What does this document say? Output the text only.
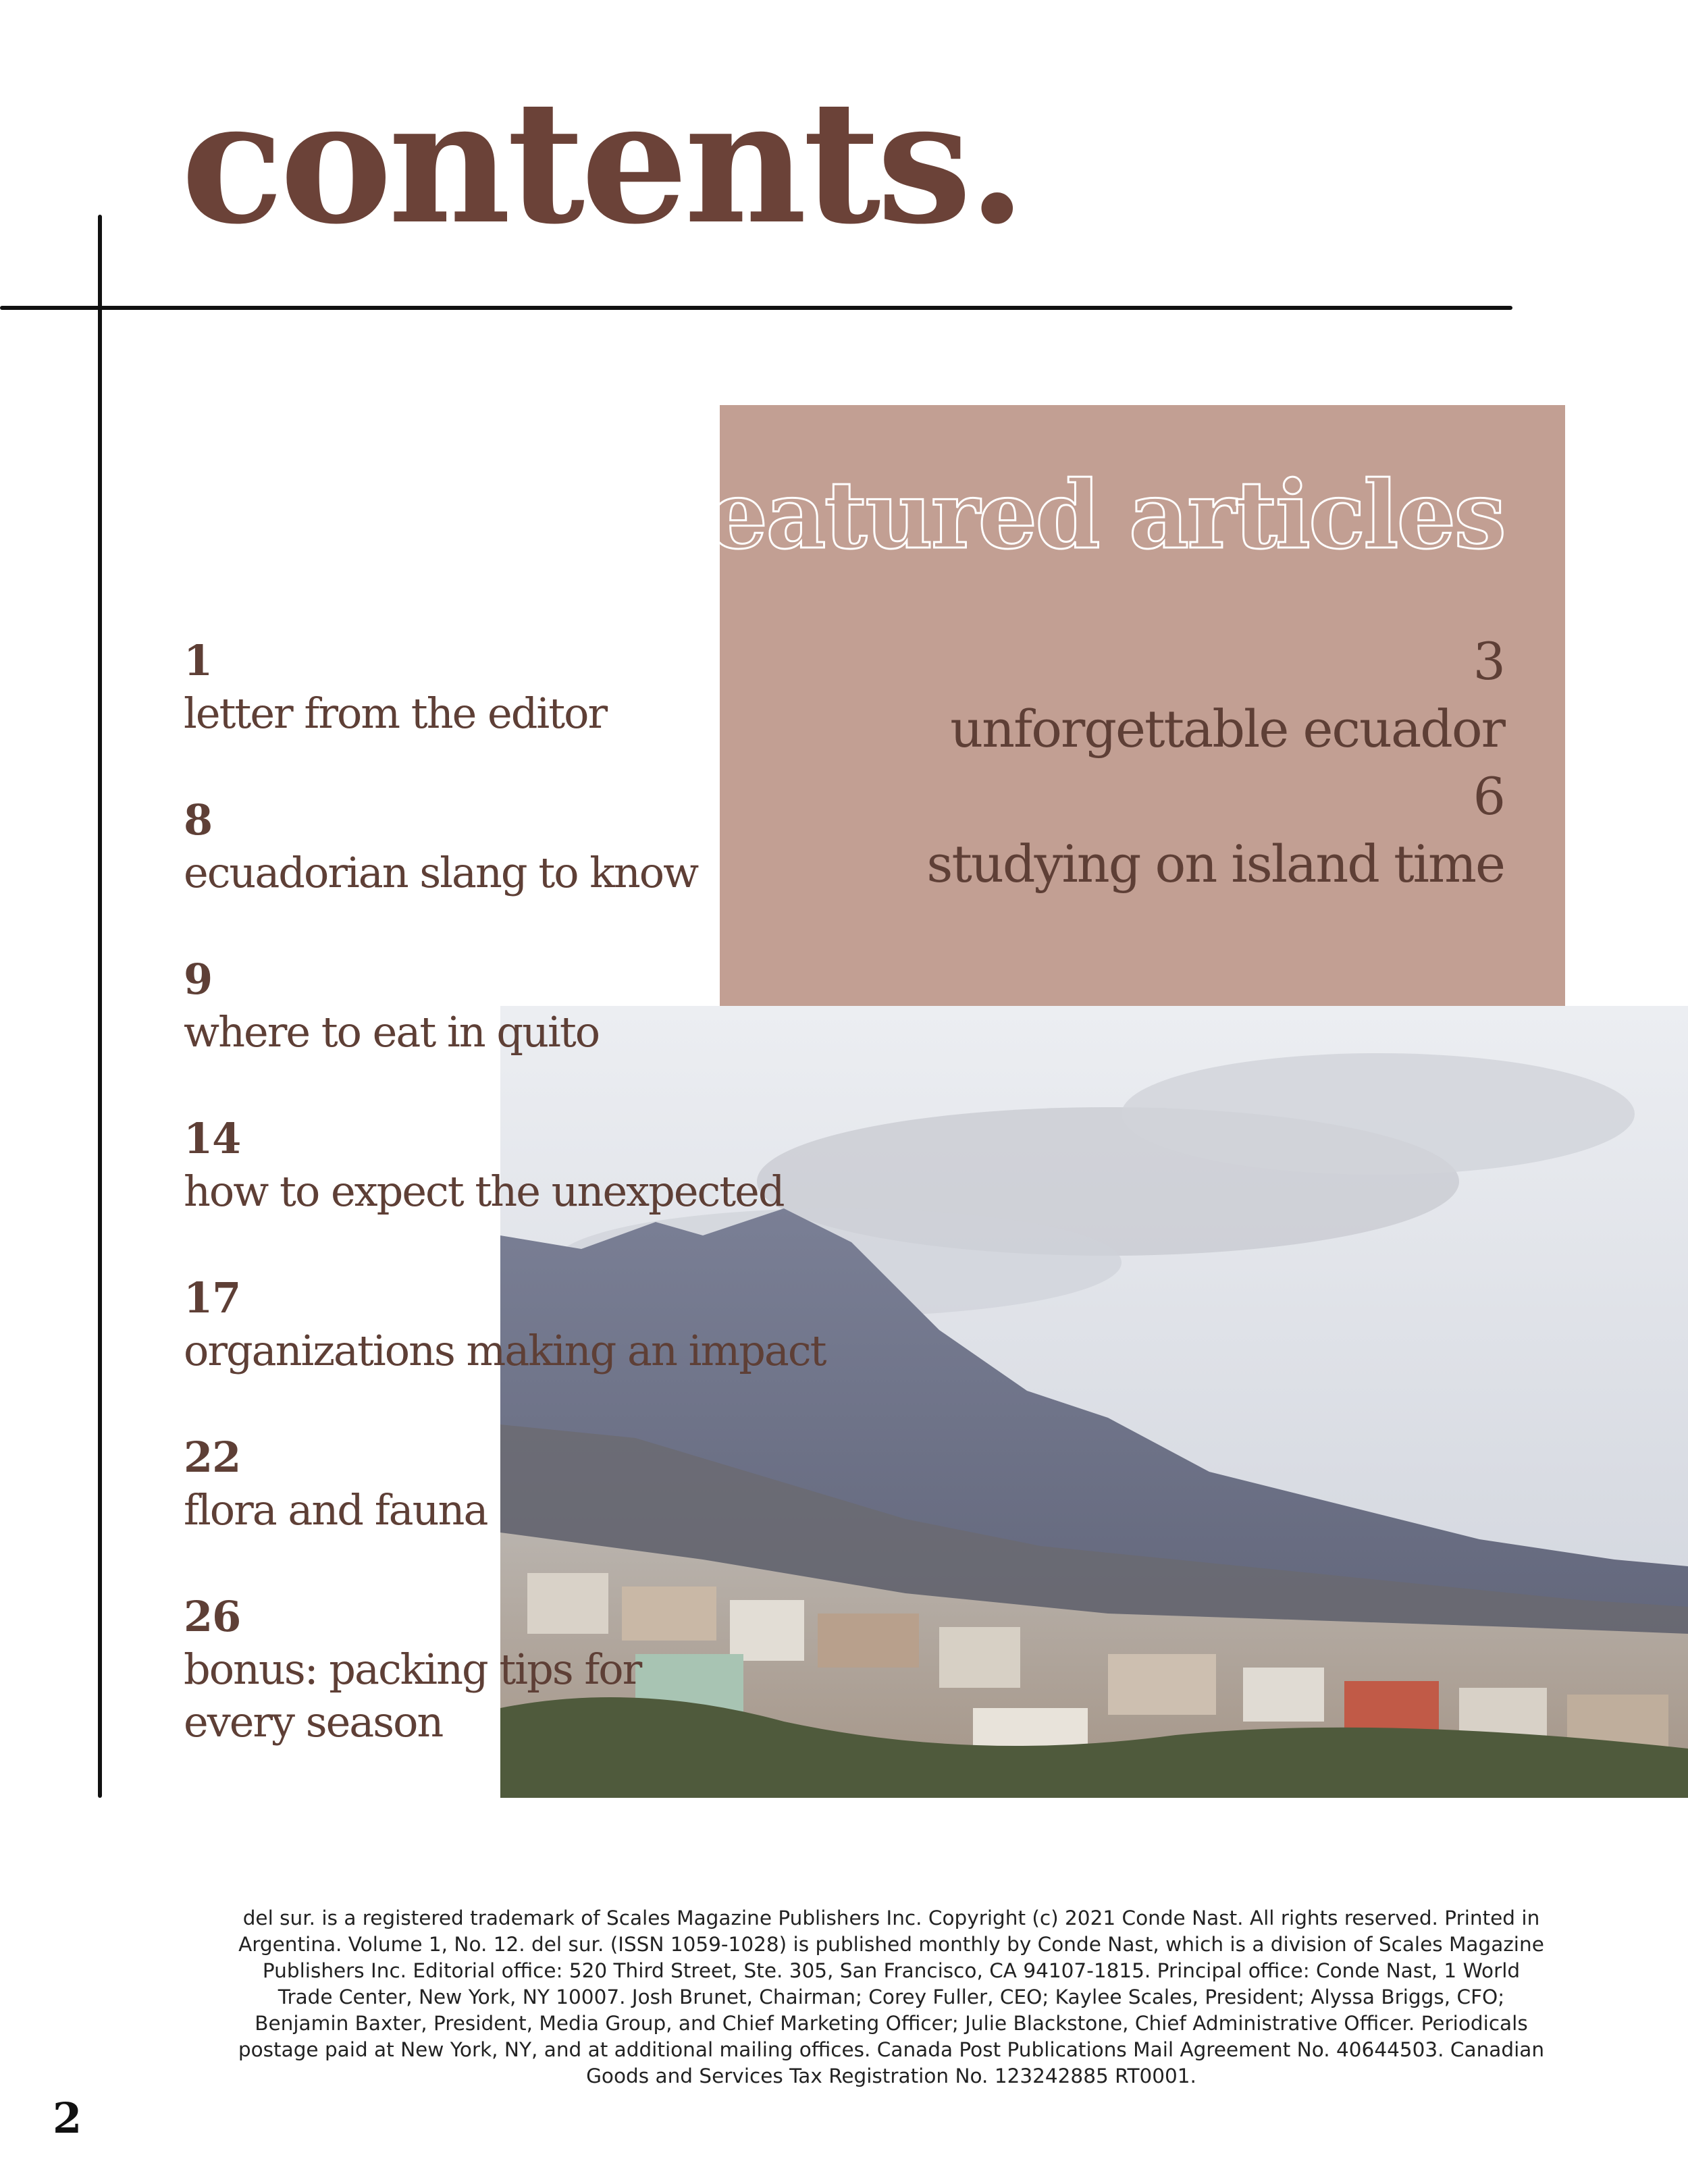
contents.
featured articles
3
unforgettable ecuador
6
studying on island time
1
letter from the editor
8
ecuadorian slang to know
9
where to eat in quito
14
how to expect the unexpected
17
organizations making an impact
22
flora and fauna
26
bonus: packing tips for every season

del sur. is a registered trademark of Scales Magazine Publishers Inc. Copyright (c) 2021 Conde Nast. All rights reserved. Printed in Argentina. Volume 1, No. 12. del sur. (ISSN 1059-1028) is published monthly by Conde Nast, which is a division of Scales Magazine Publishers Inc. Editorial office: 520 Third Street, Ste. 305, San Francisco, CA 94107-1815. Principal office: Conde Nast, 1 World Trade Center, New York, NY 10007. Josh Brunet, Chairman; Corey Fuller, CEO; Kaylee Scales, President; Alyssa Briggs, CFO; Benjamin Baxter, President, Media Group, and Chief Marketing Officer; Julie Blackstone, Chief Administrative Officer. Periodicals postage paid at New York, NY, and at additional mailing offices. Canada Post Publications Mail Agreement No. 40644503. Canadian Goods and Services Tax Registration No. 123242885 RT0001.

2
